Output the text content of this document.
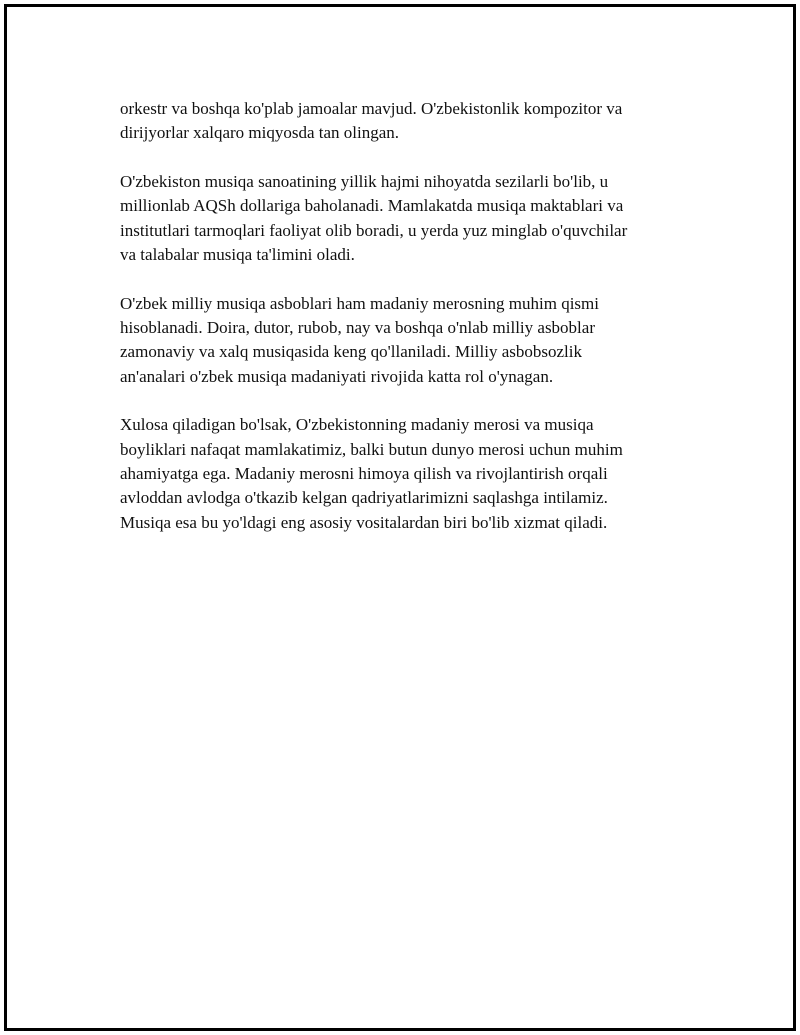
orkestr va boshqa ko'plab jamoalar mavjud. O'zbekistonlik kompozitor va
dirijyorlar xalqaro miqyosda tan olingan.

O'zbekiston musiqa sanoatining yillik hajmi nihoyatda sezilarli bo'lib, u
millionlab AQSh dollariga baholanadi. Mamlakatda musiqa maktablari va
institutlari tarmoqlari faoliyat olib boradi, u yerda yuz minglab o'quvchilar
va talabalar musiqa ta'limini oladi.

O'zbek milliy musiqa asboblari ham madaniy merosning muhim qismi
hisoblanadi. Doira, dutor, rubob, nay va boshqa o'nlab milliy asboblar
zamonaviy va xalq musiqasida keng qo'llaniladi. Milliy asbobsozlik
an'analari o'zbek musiqa madaniyati rivojida katta rol o'ynagan.

Xulosa qiladigan bo'lsak, O'zbekistonning madaniy merosi va musiqa
boyliklari nafaqat mamlakatimiz, balki butun dunyo merosi uchun muhim
ahamiyatga ega. Madaniy merosni himoya qilish va rivojlantirish orqali
avloddan avlodga o'tkazib kelgan qadriyatlarimizni saqlashga intilamiz.
Musiqa esa bu yo'ldagi eng asosiy vositalardan biri bo'lib xizmat qiladi.
